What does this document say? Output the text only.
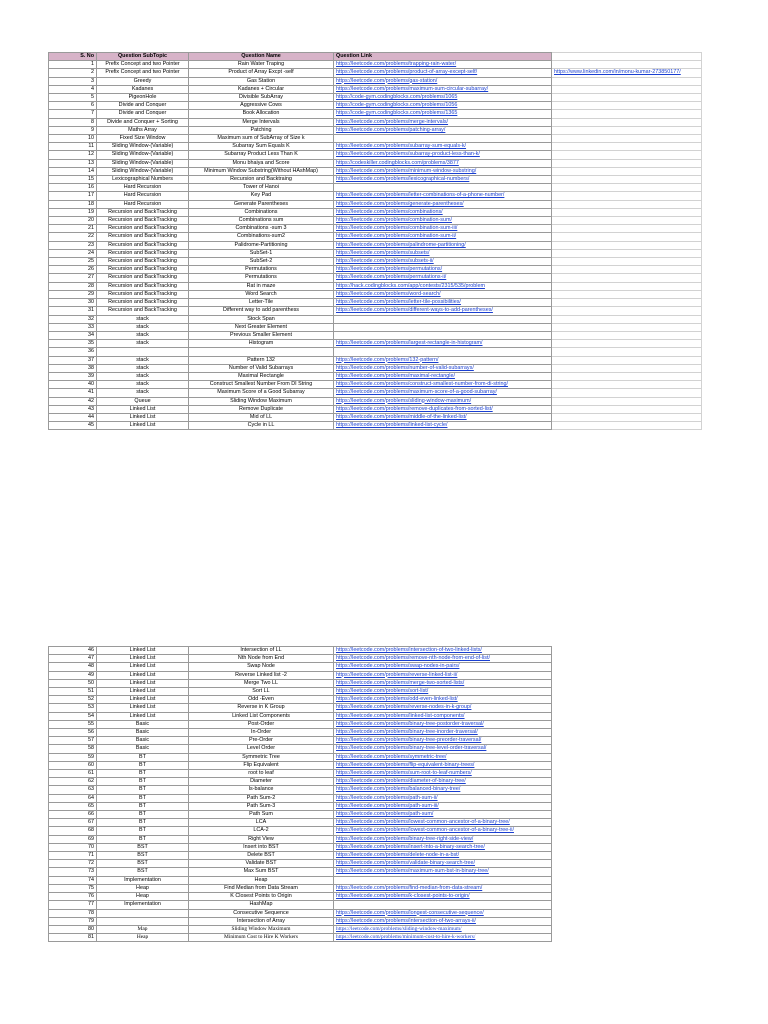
S. No	Question SubTopic	Question Name	Question Link	
1	Prefix Concept and two Pointer	Rain Water Traping	https://leetcode.com/problems/trapping-rain-water/	
2	Prefix Concept and two Pointer	Product of Array Excpt -self	https://leetcode.com/problems/product-of-array-except-self/	https://www.linkedin.com/in/monu-kumar-273850177/
3	Greedy	Gas Station	https://leetcode.com/problems/gas-station/	
4	Kadanes	Kadanes + Circular	https://leetcode.com/problems/maximum-sum-circular-subarray/	
5	PigeonHole	Divisible SubArray	https://code-gym.codingblocks.com/problems/1065	
6	Divide and Conquer	Aggressive Cows	https://code-gym.codingblocks.com/problems/1056	
7	Divide and Conquer	Book Allocation	https://code-gym.codingblocks.com/problems/1365	
8	Divide and Conquer + Sorting	Merge Intervals	https://leetcode.com/problems/merge-intervals/	
9	Maths Array	Patching	https://leetcode.com/problems/patching-array/	
10	Fixed Size Window	Maximum sum of SubArray of Size k		
11	Sliding Window-(Variable)	Subarray Sum Equals K	https://leetcode.com/problems/subarray-sum-equals-k/	
12	Sliding Window-(Variable)	Subarray Product Less Than K	https://leetcode.com/problems/subarray-product-less-than-k/	
13	Sliding Window-(Variable)	Monu bhaiya and Score	https://codeskiller.codingblocks.com/problems/3877	
14	Sliding Window-(Variable)	Minimum Window Substring(Without HAshMap)	https://leetcode.com/problems/minimum-window-substring/	
15	Lexicographical Numbers	Recursion and Backtraing	https://leetcode.com/problems/lexicographical-numbers/	
16	Hard Recursion	Tower of Hanoi		
17	Hard Recursion	Key Pad	https://leetcode.com/problems/letter-combinations-of-a-phone-number/	
18	Hard Recursion	Generate Parentheses	https://leetcode.com/problems/generate-parentheses/	
19	Recursion and BackTracking	Combinations	https://leetcode.com/problems/combinations/	
20	Recursion and BackTracking	Combinations sum	https://leetcode.com/problems/combination-sum/	
21	Recursion and BackTracking	Combinations -sum 3	https://leetcode.com/problems/combination-sum-iii/	
22	Recursion and BackTracking	Combinations-sum2	https://leetcode.com/problems/combination-sum-ii/	
23	Recursion and BackTracking	Palidrome-Partitioning	https://leetcode.com/problems/palindrome-partitioning/	
24	Recursion and BackTracking	SubSet-1	https://leetcode.com/problems/subsets/	
25	Recursion and BackTracking	SubSet-2	https://leetcode.com/problems/subsets-ii/	
26	Recursion and BackTracking	Permutations	https://leetcode.com/problems/permutations/	
27	Recursion and BackTracking	Permutations	https://leetcode.com/problems/permutations-ii/	
28	Recursion and BackTracking	Rat in maze	https://hack.codingblocks.com/app/contests/2315/535/problem	
29	Recursion and BackTracking	Word Search	https://leetcode.com/problems/word-search/	
30	Recursion and BackTracking	Letter-Tile	https://leetcode.com/problems/letter-tile-possibilities/	
31	Recursion and BackTracking	Different way to add parenthess	https://leetcode.com/problems/different-ways-to-add-parentheses/	
32	stack	Stock Span		
33	stack	Next Greater Element		
34	stack	Previous Smaller Element		
35	stack	Histogram	https://leetcode.com/problems/largest-rectangle-in-histogram/	
36				
37	stack	Pattern 132	https://leetcode.com/problems/132-pattern/	
38	stack	Number of Valid Subarrays	https://leetcode.com/problems/number-of-valid-subarrays/	
39	stack	Maximal Rectangle	https://leetcode.com/problems/maximal-rectangle/	
40	stack	Construct Smallest Number From DI String	https://leetcode.com/problems/construct-smallest-number-from-di-string/	
41	stack	Maximum Score of a Good Subarray	https://leetcode.com/problems/maximum-score-of-a-good-subarray/	
42	Queue	Sliding Window Maximum	https://leetcode.com/problems/sliding-window-maximum/	
43	Linked List	Remove Duplicate	https://leetcode.com/problems/remove-duplicates-from-sorted-list/	
44	Linked List	Mid of LL	https://leetcode.com/problems/middle-of-the-linked-list/	
45	Linked List	Cycle in LL	https://leetcode.com/problems/linked-list-cycle/	
46	Linked List	Intersection of LL	https://leetcode.com/problems/intersection-of-two-linked-lists/
47	Linked List	Nth Node from End	https://leetcode.com/problems/remove-nth-node-from-end-of-list/
48	Linked List	Swap Node	https://leetcode.com/problems/swap-nodes-in-pairs/
49	Linked List	Reverse Linked list -2	https://leetcode.com/problems/reverse-linked-list-ii/
50	Linked List	Merge Two LL	https://leetcode.com/problems/merge-two-sorted-lists/
51	Linked List	Sort LL	https://leetcode.com/problems/sort-list/
52	Linked List	Odd -Even	https://leetcode.com/problems/odd-even-linked-list/
53	Linked List	Reverse in K Group	https://leetcode.com/problems/reverse-nodes-in-k-group/
54	Linked List	Linked List Components	https://leetcode.com/problems/linked-list-components/
55	Basic	Post-Order	https://leetcode.com/problems/binary-tree-postorder-traversal/
56	Basic	In-Order	https://leetcode.com/problems/binary-tree-inorder-traversal/
57	Basic	Pre-Order	https://leetcode.com/problems/binary-tree-preorder-traversal/
58	Basic	Level Order	https://leetcode.com/problems/binary-tree-level-order-traversal/
59	BT	Symmetric Tree	https://leetcode.com/problems/symmetric-tree/
60	BT	Flip Equivalent	https://leetcode.com/problems/flip-equivalent-binary-trees/
61	BT	root to leaf	https://leetcode.com/problems/sum-root-to-leaf-numbers/
62	BT	Diameter	https://leetcode.com/problems/diameter-of-binary-tree/
63	BT	Is-balance	https://leetcode.com/problems/balanced-binary-tree/
64	BT	Path Sum-2	https://leetcode.com/problems/path-sum-ii/
65	BT	Path Sum-3	https://leetcode.com/problems/path-sum-iii/
66	BT	Path Sum	https://leetcode.com/problems/path-sum/
67	BT	LCA	https://leetcode.com/problems/lowest-common-ancestor-of-a-binary-tree/
68	BT	LCA-2	https://leetcode.com/problems/lowest-common-ancestor-of-a-binary-tree-ii/
69	BT	Right View	https://leetcode.com/problems/binary-tree-right-side-view/
70	BST	Insert into BST	https://leetcode.com/problems/insert-into-a-binary-search-tree/
71	BST	Delete BST	https://leetcode.com/problems/delete-node-in-a-bst/
72	BST	Validate BST	https://leetcode.com/problems/validate-binary-search-tree/
73	BST	Max Sum BST	https://leetcode.com/problems/maximum-sum-bst-in-binary-tree/
74	Implementation	Heap	
75	Heap	Find Median from Data Stream	https://leetcode.com/problems/find-median-from-data-stream/
76	Heap	K Closest Points to Origin	https://leetcode.com/problems/k-closest-points-to-origin/
77	Implementation	HashMap	
78		Consecutive Sequence	https://leetcode.com/problems/longest-consecutive-sequence/
79		Intersection of Array	https://leetcode.com/problems/intersection-of-two-arrays-ii/
80	Map	Sliding Window Maximum	https://leetcode.com/problems/sliding-window-maximum/
81	Heap	Minimum Cost to Hire K Workers	https://leetcode.com/problems/minimum-cost-to-hire-k-workers/
